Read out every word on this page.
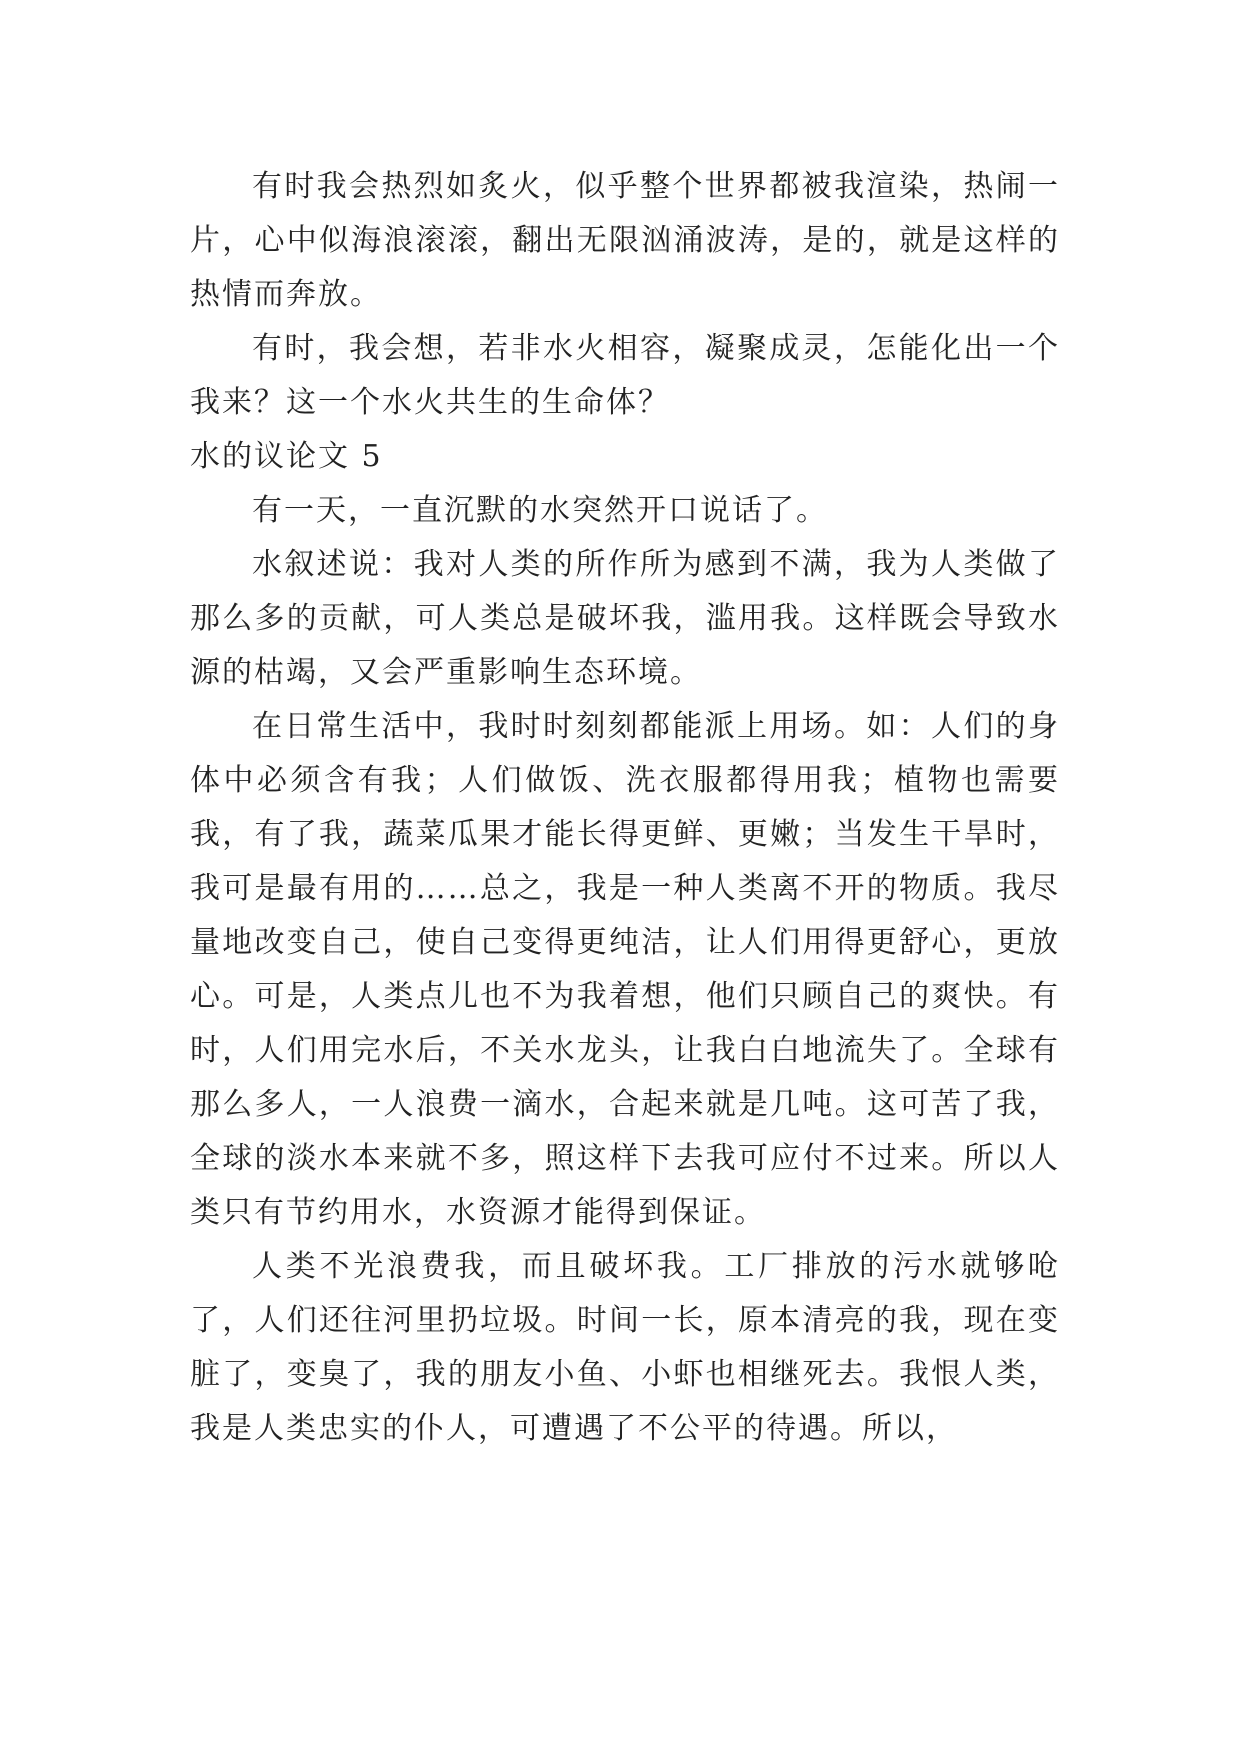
有时我会热烈如炙火，似乎整个世界都被我渲染，热闹一片，心中似海浪滚滚，翻出无限汹涌波涛，是的，就是这样的热情而奔放。

有时，我会想，若非水火相容，凝聚成灵，怎能化出一个我来？这一个水火共生的生命体？

水的议论文 5

有一天，一直沉默的水突然开口说话了。

水叙述说：我对人类的所作所为感到不满，我为人类做了那么多的贡献，可人类总是破坏我，滥用我。这样既会导致水源的枯竭，又会严重影响生态环境。

在日常生活中，我时时刻刻都能派上用场。如：人们的身体中必须含有我；人们做饭、洗衣服都得用我；植物也需要我，有了我，蔬菜瓜果才能长得更鲜、更嫩；当发生干旱时，我可是最有用的……总之，我是一种人类离不开的物质。我尽量地改变自己，使自己变得更纯洁，让人们用得更舒心，更放心。可是，人类点儿也不为我着想，他们只顾自己的爽快。有时，人们用完水后，不关水龙头，让我白白地流失了。全球有那么多人，一人浪费一滴水，合起来就是几吨。这可苦了我，全球的淡水本来就不多，照这样下去我可应付不过来。所以人类只有节约用水，水资源才能得到保证。

人类不光浪费我，而且破坏我。工厂排放的污水就够呛了，人们还往河里扔垃圾。时间一长，原本清亮的我，现在变脏了，变臭了，我的朋友小鱼、小虾也相继死去。我恨人类，我是人类忠实的仆人，可遭遇了不公平的待遇。所以，
